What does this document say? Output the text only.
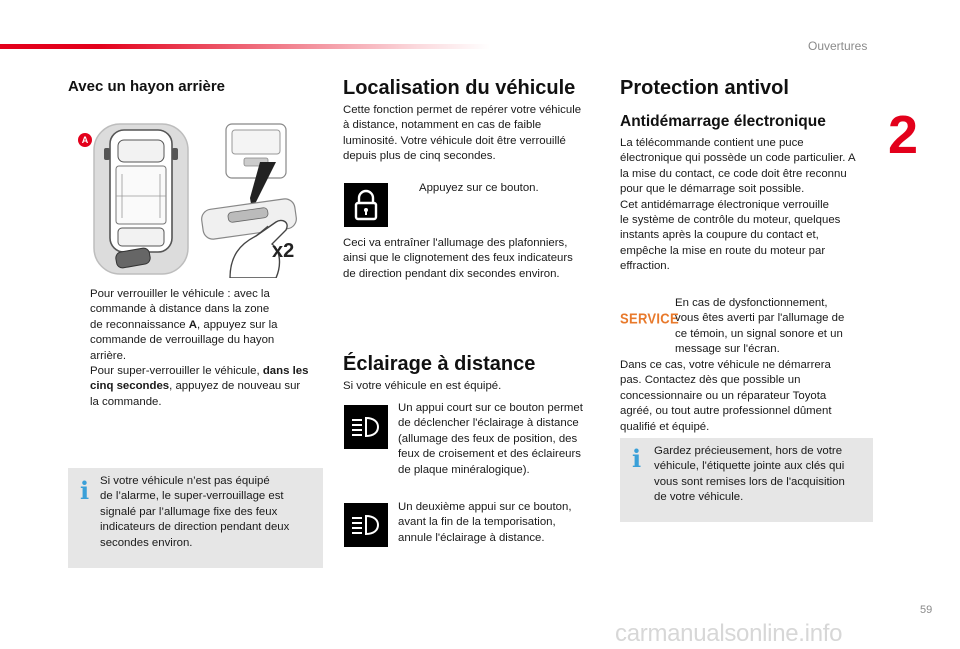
Ouvertures
2
Avec un hayon arrière
A
x2
Pour verrouiller le véhicule : avec la
commande à distance dans la zone
de reconnaissance A, appuyez sur la
commande de verrouillage du hayon
arrière.
Pour super-verrouiller le véhicule, dans les
cinq secondes, appuyez de nouveau sur
la commande.
i Si votre véhicule n’est pas équipé
de l’alarme, le super-verrouillage est
signalé par l’allumage fixe des feux
indicateurs de direction pendant deux
secondes environ.
Localisation du véhicule
Cette fonction permet de repérer votre véhicule
à distance, notamment en cas de faible
luminosité. Votre véhicule doit être verrouillé
depuis plus de cinq secondes.
Appuyez sur ce bouton.
Ceci va entraîner l'allumage des plafonniers,
ainsi que le clignotement des feux indicateurs
de direction pendant dix secondes environ.
Éclairage à distance
Si votre véhicule en est équipé.
Un appui court sur ce bouton permet
de déclencher l'éclairage à distance
(allumage des feux de position, des
feux de croisement et des éclaireurs
de plaque minéralogique).
Un deuxième appui sur ce bouton,
avant la fin de la temporisation,
annule l'éclairage à distance.
Protection antivol
Antidémarrage électronique
La télécommande contient une puce
électronique qui possède un code particulier. A
la mise du contact, ce code doit être reconnu
pour que le démarrage soit possible.
Cet antidémarrage électronique verrouille
le système de contrôle du moteur, quelques
instants après la coupure du contact et,
empêche la mise en route du moteur par
effraction.
SERVICE
En cas de dysfonctionnement,
vous êtes averti par l'allumage de
ce témoin, un signal sonore et un
message sur l'écran.
Dans ce cas, votre véhicule ne démarrera
pas. Contactez dès que possible un
concessionnaire ou un réparateur Toyota
agréé, ou tout autre professionnel dûment
qualifié et équipé.
i Gardez précieusement, hors de votre
véhicule, l'étiquette jointe aux clés qui
vous sont remises lors de l'acquisition
de votre véhicule.
59
carmanualsonline.info
